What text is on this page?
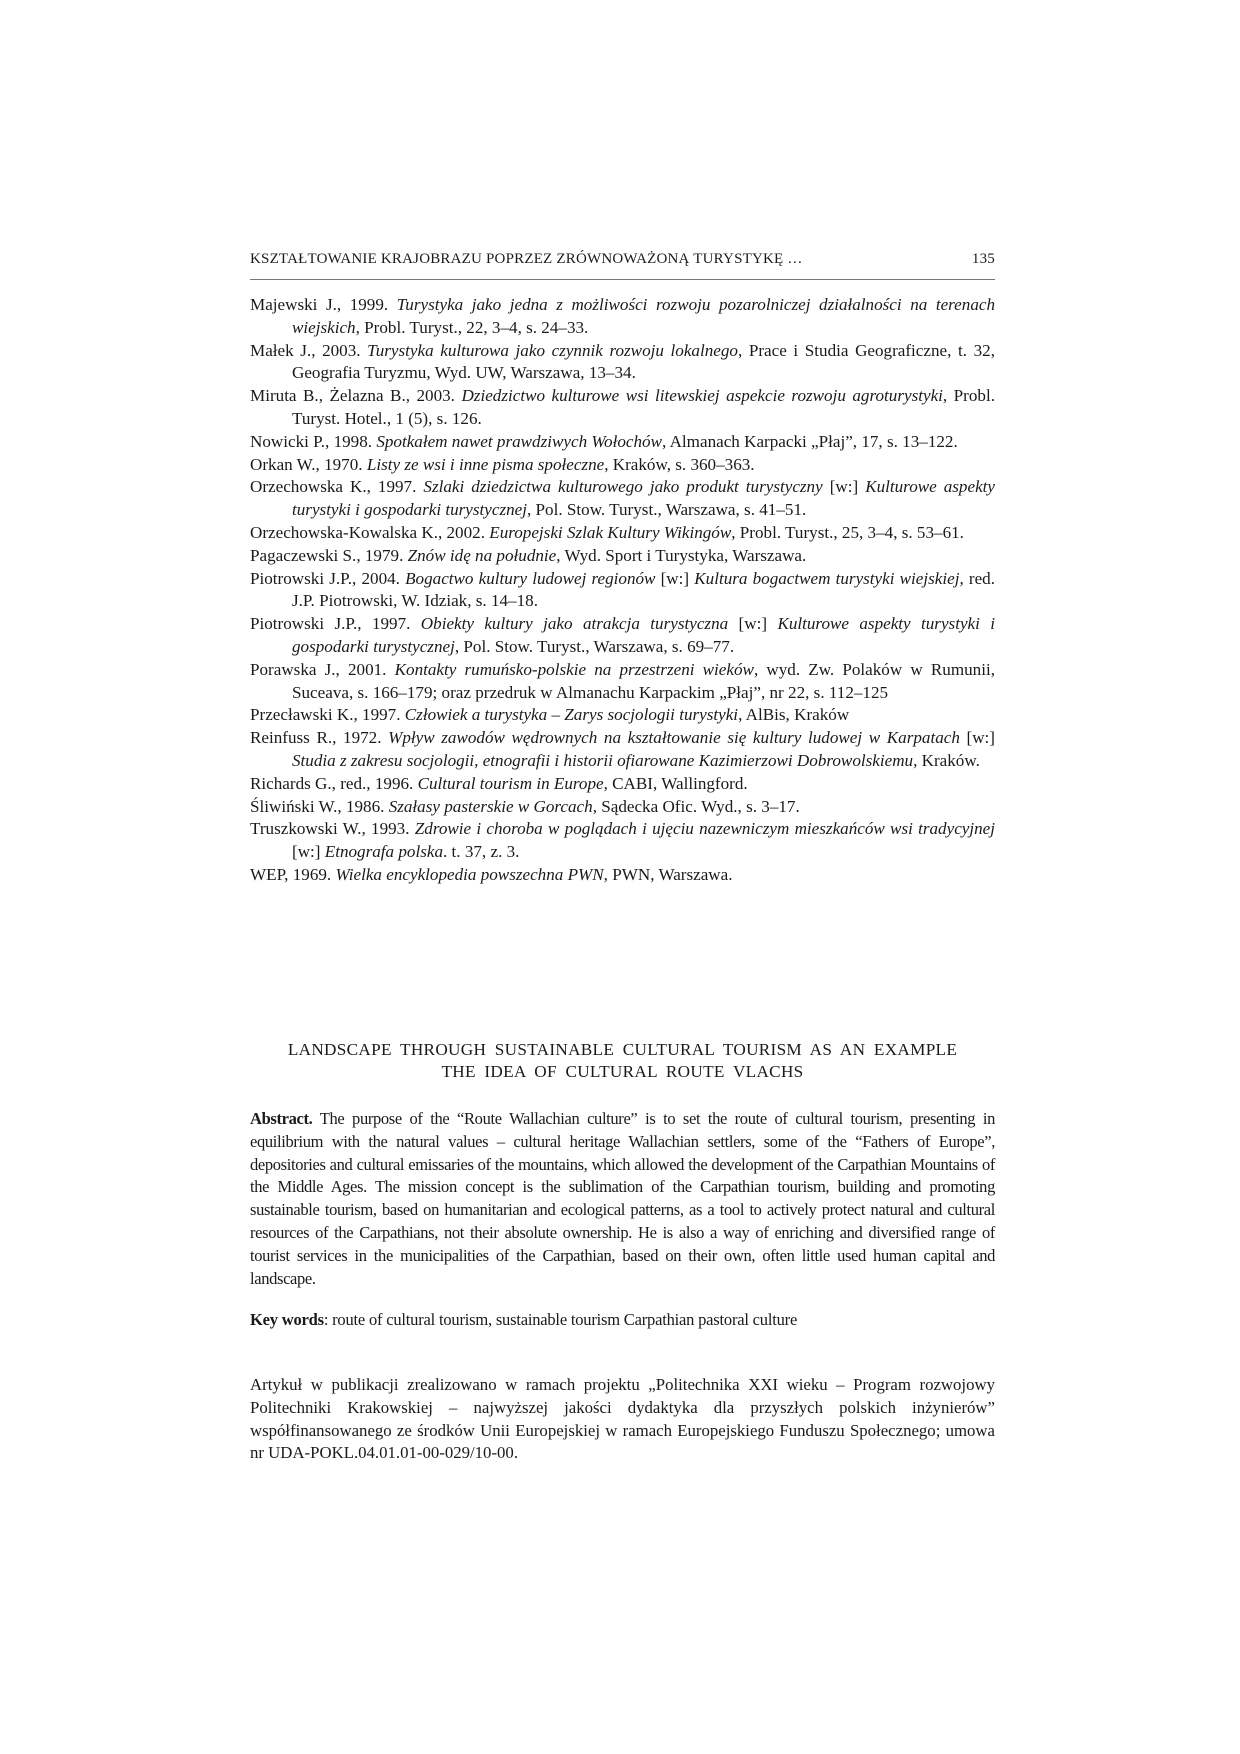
KSZTAŁTOWANIE KRAJOBRAZU POPRZEZ ZRÓWNOWAŻONĄ TURYSTYKĘ …	135

Majewski J., 1999. Turystyka jako jedna z możliwości rozwoju pozarolniczej działalności na terenach wiejskich, Probl. Turyst., 22, 3–4, s. 24–33.

Małek J., 2003. Turystyka kulturowa jako czynnik rozwoju lokalnego, Prace i Studia Geograficzne, t. 32, Geografia Turyzmu, Wyd. UW, Warszawa, 13–34.

Miruta B., Żelazna B., 2003. Dziedzictwo kulturowe wsi litewskiej aspekcie rozwoju agroturystyki, Probl. Turyst. Hotel., 1 (5), s. 126.

Nowicki P., 1998. Spotkałem nawet prawdziwych Wołochów, Almanach Karpacki „Płaj”, 17, s. 13–122.

Orkan W., 1970. Listy ze wsi i inne pisma społeczne, Kraków, s. 360–363.

Orzechowska K., 1997. Szlaki dziedzictwa kulturowego jako produkt turystyczny [w:] Kulturowe aspekty turystyki i gospodarki turystycznej, Pol. Stow. Turyst., Warszawa, s. 41–51.

Orzechowska-Kowalska K., 2002. Europejski Szlak Kultury Wikingów, Probl. Turyst., 25, 3–4, s. 53–61.

Pagaczewski S., 1979. Znów idę na południe, Wyd. Sport i Turystyka, Warszawa.

Piotrowski J.P., 2004. Bogactwo kultury ludowej regionów [w:] Kultura bogactwem turystyki wiejskiej, red. J.P. Piotrowski, W. Idziak, s. 14–18.

Piotrowski J.P., 1997. Obiekty kultury jako atrakcja turystyczna [w:] Kulturowe aspekty turystyki i gospodarki turystycznej, Pol. Stow. Turyst., Warszawa, s. 69–77.

Porawska J., 2001. Kontakty rumuńsko-polskie na przestrzeni wieków, wyd. Zw. Polaków w Rumunii, Suceava, s. 166–179; oraz przedruk w Almanachu Karpackim „Płaj”, nr 22, s. 112–125

Przecławski K., 1997. Człowiek a turystyka – Zarys socjologii turystyki, AlBis, Kraków

Reinfuss R., 1972. Wpływ zawodów wędrownych na kształtowanie się kultury ludowej w Karpatach [w:] Studia z zakresu socjologii, etnografii i historii ofiarowane Kazimierzowi Dobrowolskiemu, Kraków.

Richards G., red., 1996. Cultural tourism in Europe, CABI, Wallingford.

Śliwiński W., 1986. Szałasy pasterskie w Gorcach, Sądecka Ofic. Wyd., s. 3–17.

Truszkowski W., 1993. Zdrowie i choroba w poglądach i ujęciu nazewniczym mieszkańców wsi tradycyjnej [w:] Etnografa polska. t. 37, z. 3.

WEP, 1969. Wielka encyklopedia powszechna PWN, PWN, Warszawa.

LANDSCAPE THROUGH SUSTAINABLE CULTURAL TOURISM AS AN EXAMPLE
THE IDEA OF CULTURAL ROUTE VLACHS

Abstract. The purpose of the “Route Wallachian culture” is to set the route of cultural tourism, presenting in equilibrium with the natural values – cultural heritage Wallachian settlers, some of the “Fathers of Europe”, depositories and cultural emissaries of the mountains, which allowed the development of the Carpathian Mountains of the Middle Ages. The mission concept is the sublimation of the Carpathian tourism, building and promoting sustainable tourism, based on humanitarian and ecological patterns, as a tool to actively protect natural and cultural resources of the Carpathians, not their absolute ownership. He is also a way of enriching and diversified range of tourist services in the municipalities of the Carpathian, based on their own, often little used human capital and landscape.

Key words: route of cultural tourism, sustainable tourism Carpathian pastoral culture

Artykuł w publikacji zrealizowano w ramach projektu „Politechnika XXI wieku – Program rozwojowy Politechniki Krakowskiej – najwyższej jakości dydaktyka dla przyszłych polskich inżynierów” współfinansowanego ze środków Unii Europejskiej w ramach Europejskiego Funduszu Społecznego; umowa nr UDA-POKL.04.01.01-00-029/10-00.
